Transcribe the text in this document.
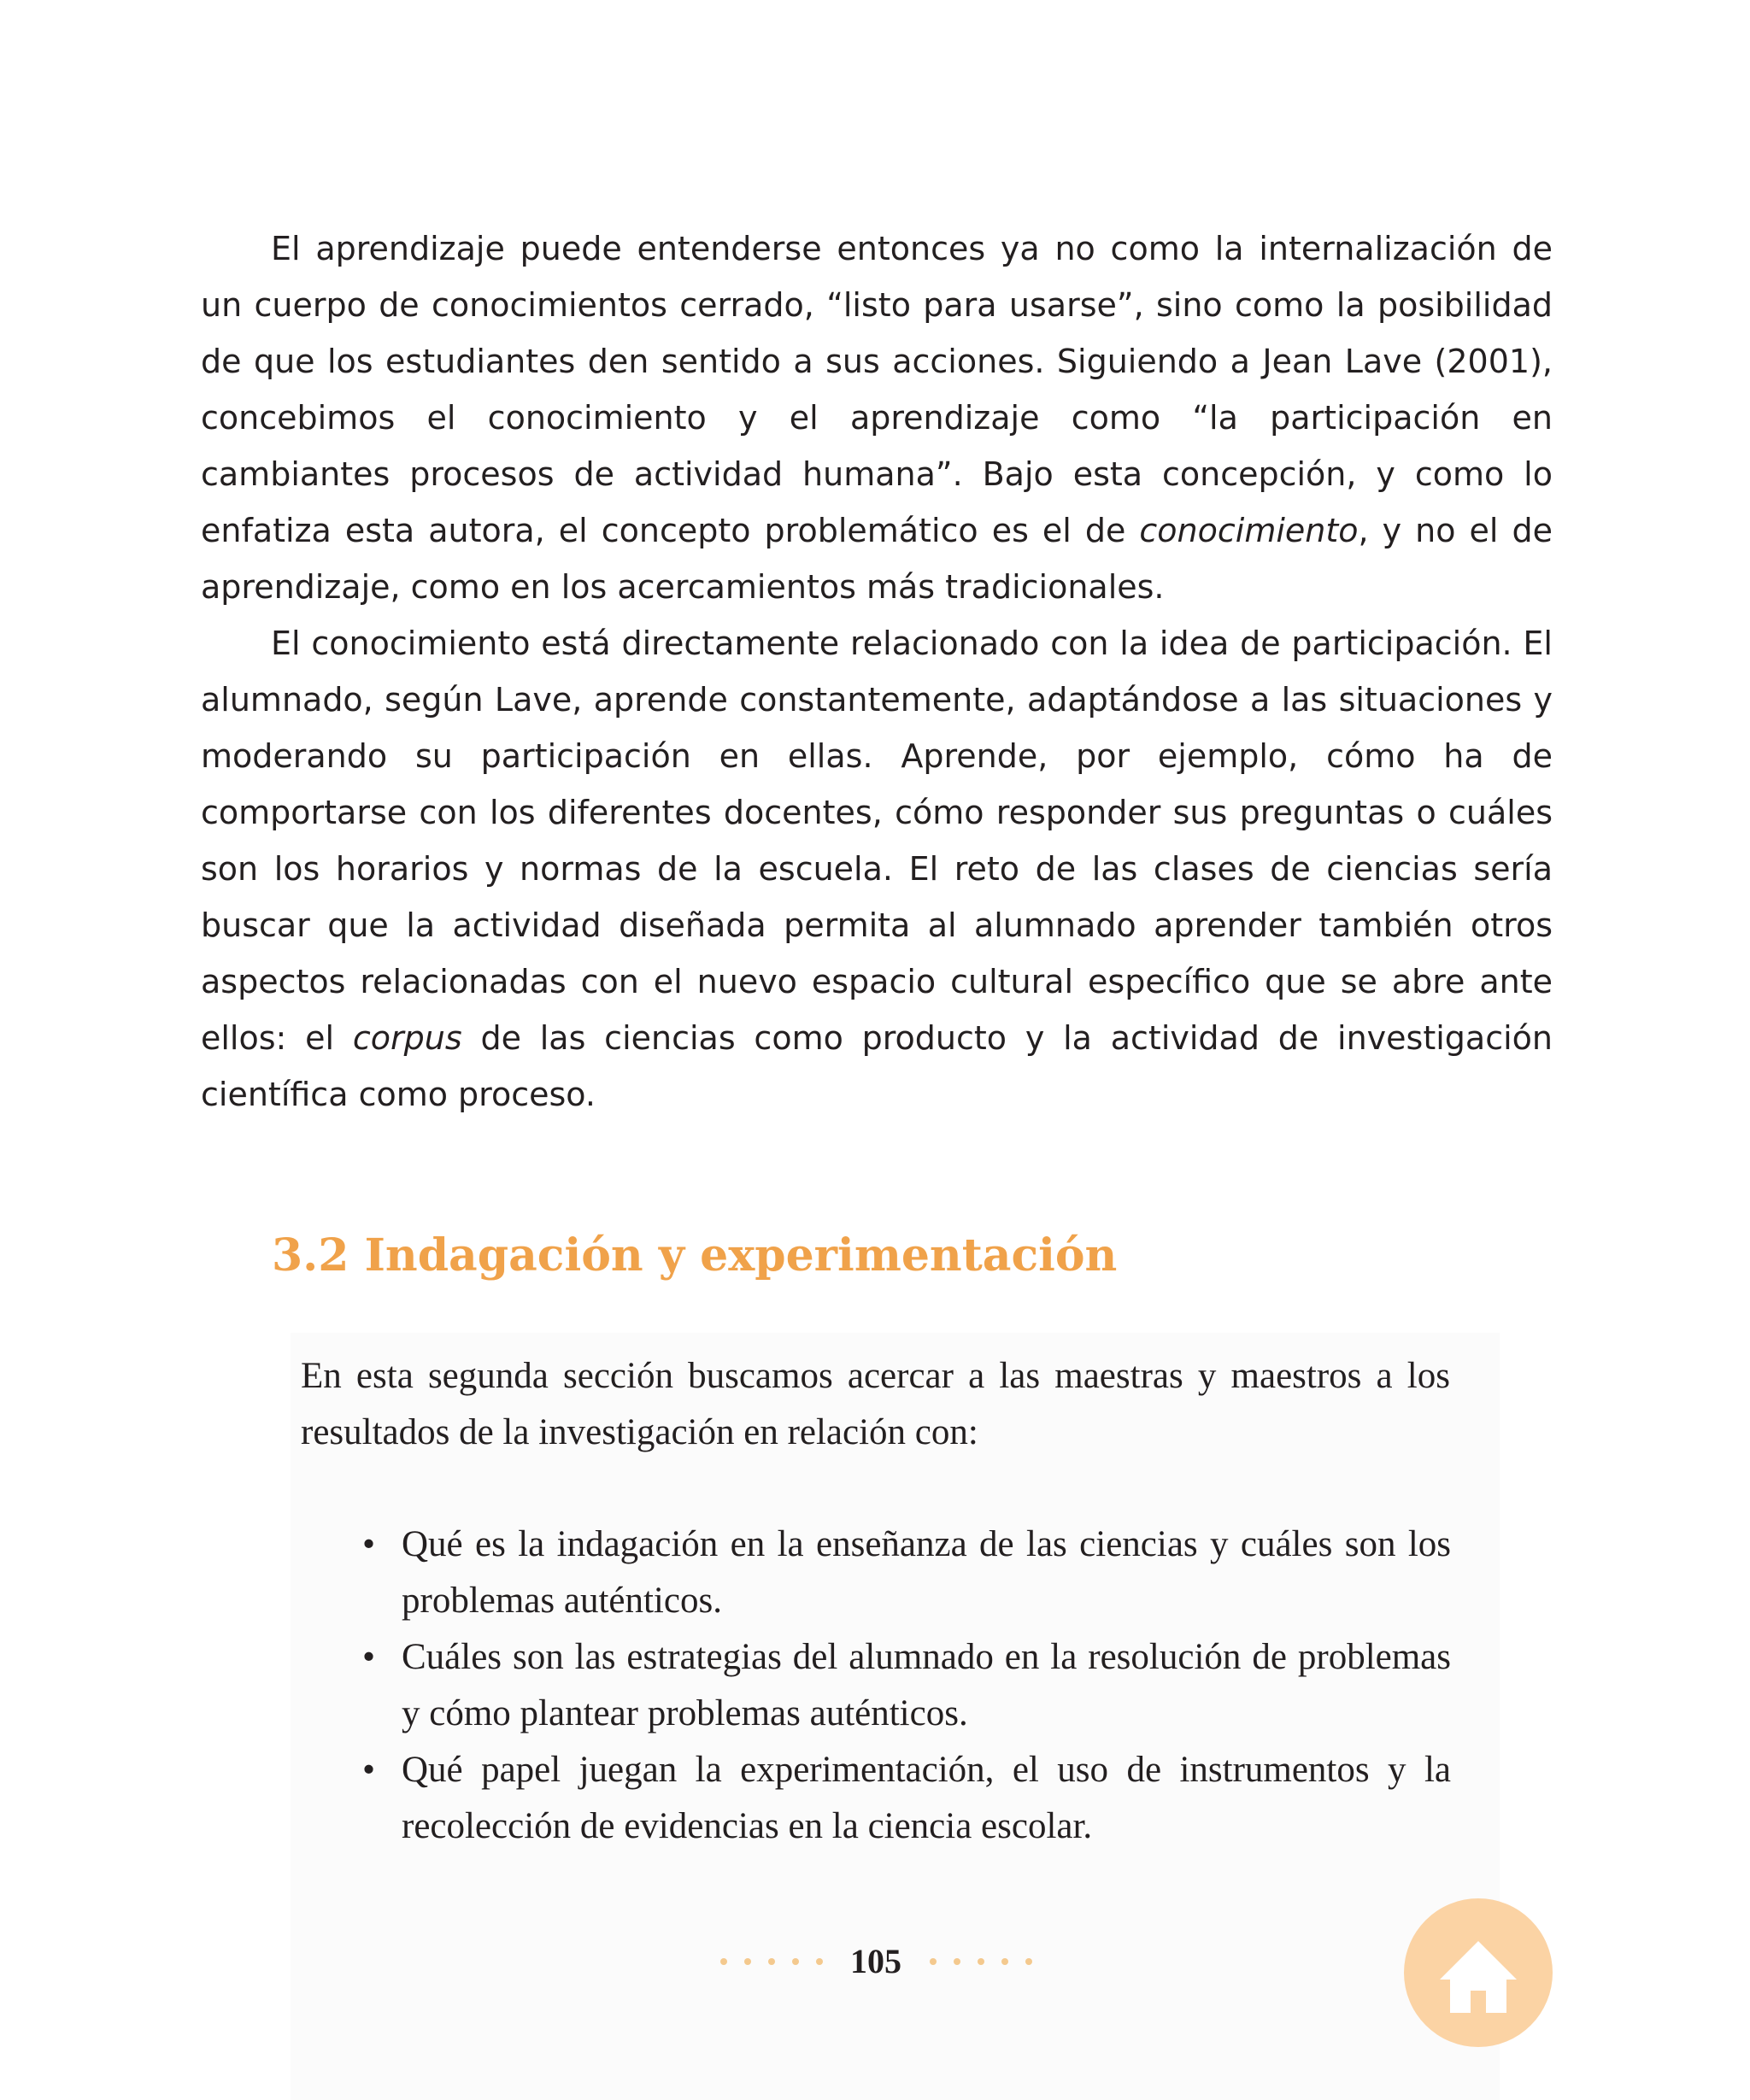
El aprendizaje puede entenderse entonces ya no como la internalización de un cuerpo de conocimientos cerrado, “listo para usarse”, sino como la posibilidad de que los estudiantes den sentido a sus acciones. Siguiendo a Jean Lave (2001), concebimos el conocimiento y el aprendizaje como “la participación en cambiantes procesos de actividad humana”. Bajo esta concepción, y como lo enfatiza esta autora, el concepto problemático es el de conocimiento, y no el de aprendizaje, como en los acercamientos más tradicionales.

El conocimiento está directamente relacionado con la idea de participación. El alumnado, según Lave, aprende constantemente, adaptándose a las situaciones y moderando su participación en ellas. Aprende, por ejemplo, cómo ha de comportarse con los diferentes docentes, cómo responder sus preguntas o cuáles son los horarios y normas de la escuela. El reto de las clases de ciencias sería buscar que la actividad diseñada permita al alumnado aprender también otros aspectos relacionadas con el nuevo espacio cultural específico que se abre ante ellos: el corpus de las ciencias como producto y la actividad de investigación científica como proceso.

3.2 Indagación y experimentación

En esta segunda sección buscamos acercar a las maestras y maestros a los resultados de la investigación en relación con:

• Qué es la indagación en la enseñanza de las ciencias y cuáles son los problemas auténticos.
• Cuáles son las estrategias del alumnado en la resolución de problemas y cómo plantear problemas auténticos.
• Qué papel juegan la experimentación, el uso de instrumentos y la recolección de evidencias en la ciencia escolar.
105
